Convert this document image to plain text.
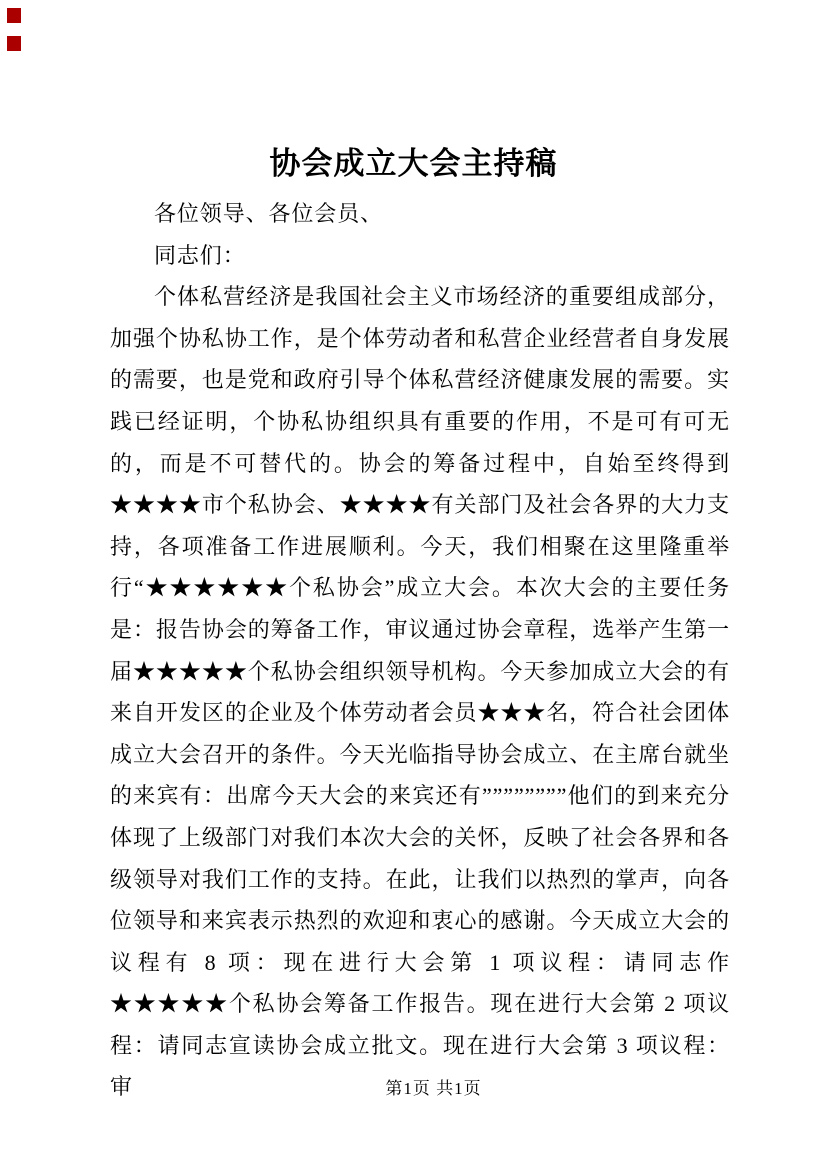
协会成立大会主持稿

各位领导、各位会员、

同志们：

个体私营经济是我国社会主义市场经济的重要组成部分，加强个协私协工作，是个体劳动者和私营企业经营者自身发展的需要，也是党和政府引导个体私营经济健康发展的需要。实践已经证明，个协私协组织具有重要的作用，不是可有可无的，而是不可替代的。协会的筹备过程中，自始至终得到★★★★市个私协会、★★★★有关部门及社会各界的大力支持，各项准备工作进展顺利。今天，我们相聚在这里隆重举行“★★★★★★个私协会”成立大会。本次大会的主要任务是：报告协会的筹备工作，审议通过协会章程，选举产生第一届★★★★★个私协会组织领导机构。今天参加成立大会的有来自开发区的企业及个体劳动者会员★★★名，符合社会团体成立大会召开的条件。今天光临指导协会成立、在主席台就坐的来宾有：出席今天大会的来宾还有””””””””他们的到来充分体现了上级部门对我们本次大会的关怀，反映了社会各界和各级领导对我们工作的支持。在此，让我们以热烈的掌声，向各位领导和来宾表示热烈的欢迎和衷心的感谢。今天成立大会的议程有 8 项：现在进行大会第 1 项议程：请同志作★★★★★个私协会筹备工作报告。现在进行大会第 2 项议程：请同志宣读协会成立批文。现在进行大会第 3 项议程：审	第1页 共1页
